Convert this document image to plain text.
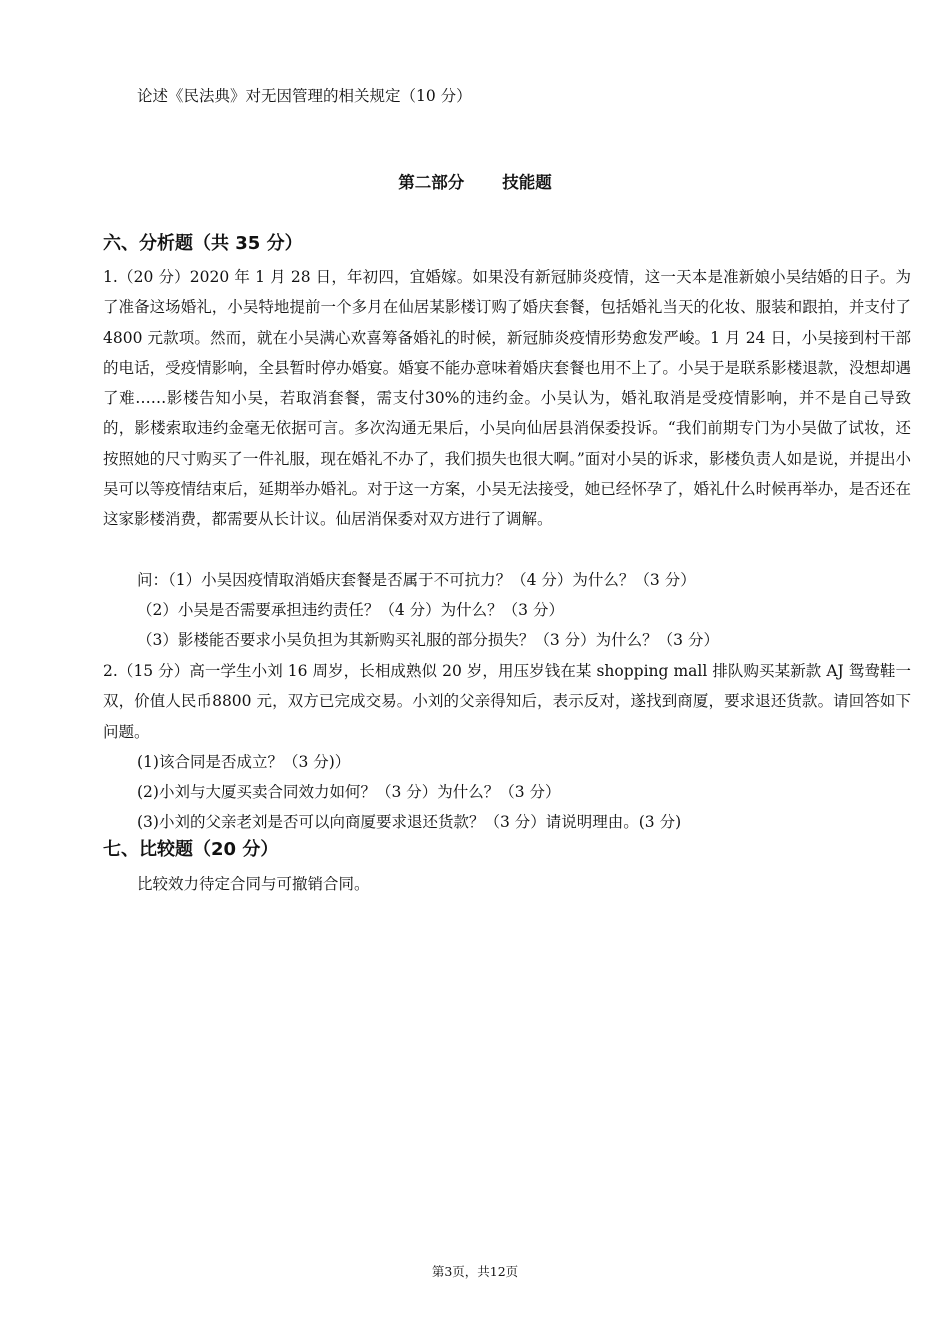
论述《民法典》对无因管理的相关规定（10 分）
第二部分 技能题
六、分析题（共 35 分）
1.（20 分）2020 年 1 月 28 日，年初四，宜婚嫁。如果没有新冠肺炎疫情，这一天本是准新娘小吴结婚的日子。为了准备这场婚礼，小吴特地提前一个多月在仙居某影楼订购了婚庆套餐，包括婚礼当天的化妆、服装和跟拍，并支付了 4800 元款项。然而，就在小吴满心欢喜筹备婚礼的时候，新冠肺炎疫情形势愈发严峻。1 月 24 日，小吴接到村干部的电话，受疫情影响，全县暂时停办婚宴。婚宴不能办意味着婚庆套餐也用不上了。小吴于是联系影楼退款，没想却遇了难……影楼告知小吴，若取消套餐，需支付30%的违约金。小吴认为，婚礼取消是受疫情影响，并不是自己导致的，影楼索取违约金毫无依据可言。多次沟通无果后，小吴向仙居县消保委投诉。“我们前期专门为小吴做了试妆，还按照她的尺寸购买了一件礼服，现在婚礼不办了，我们损失也很大啊。”面对小吴的诉求，影楼负责人如是说，并提出小吴可以等疫情结束后，延期举办婚礼。对于这一方案，小吴无法接受，她已经怀孕了，婚礼什么时候再举办，是否还在这家影楼消费，都需要从长计议。仙居消保委对双方进行了调解。
问：（1）小吴因疫情取消婚庆套餐是否属于不可抗力？（4 分）为什么？（3 分）
（2）小吴是否需要承担违约责任？（4 分）为什么？（3 分）
（3）影楼能否要求小吴负担为其新购买礼服的部分损失？（3 分）为什么？（3 分）
2.（15 分）高一学生小刘 16 周岁，长相成熟似 20 岁，用压岁钱在某 shopping mall 排队购买某新款 AJ 鸳鸯鞋一双，价值人民币8800 元，双方已完成交易。小刘的父亲得知后，表示反对，遂找到商厦，要求退还货款。请回答如下问题。
(1)该合同是否成立？（3 分)）
(2)小刘与大厦买卖合同效力如何？（3 分）为什么？（3 分）
(3)小刘的父亲老刘是否可以向商厦要求退还货款？（3 分）请说明理由。(3 分)
七、比较题（20 分）
比较效力待定合同与可撤销合同。
第3页，共12页
